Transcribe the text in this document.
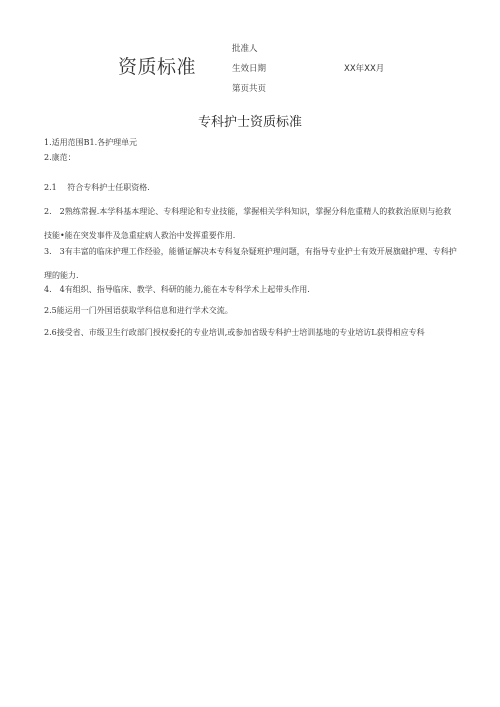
资质标准
批准人
生效日期	XX年XX月
第页共页
专科护士资质标准
1.适用范围B1.各护理单元
2.康范：
2.1　 符合专科护士任职资格.
2.　2熟练常握.本学科基本理论、专科理论和专业技能，掌握相关学科知识，掌握分科危重精人的救救治原则与抢救技能•能在突发事件及急重症病人救治中发挥重要作用.
3.　3有丰富的临床护理工作经验，能循证解决本专科复杂疑班护理问题，有指导专业护士有效开展旗础护理、专科护理的能力.
4.　4有组织、指导临床、教学、科研的能力,能在本专科学术上起带头作用.
2.5能运用一门外国语获取学科信息和进行学术交流。
2.6接受省、市级卫生行政部门授权委托的专业培训,或参加省级专科护士培训基地的专业培访L获得相应专科
